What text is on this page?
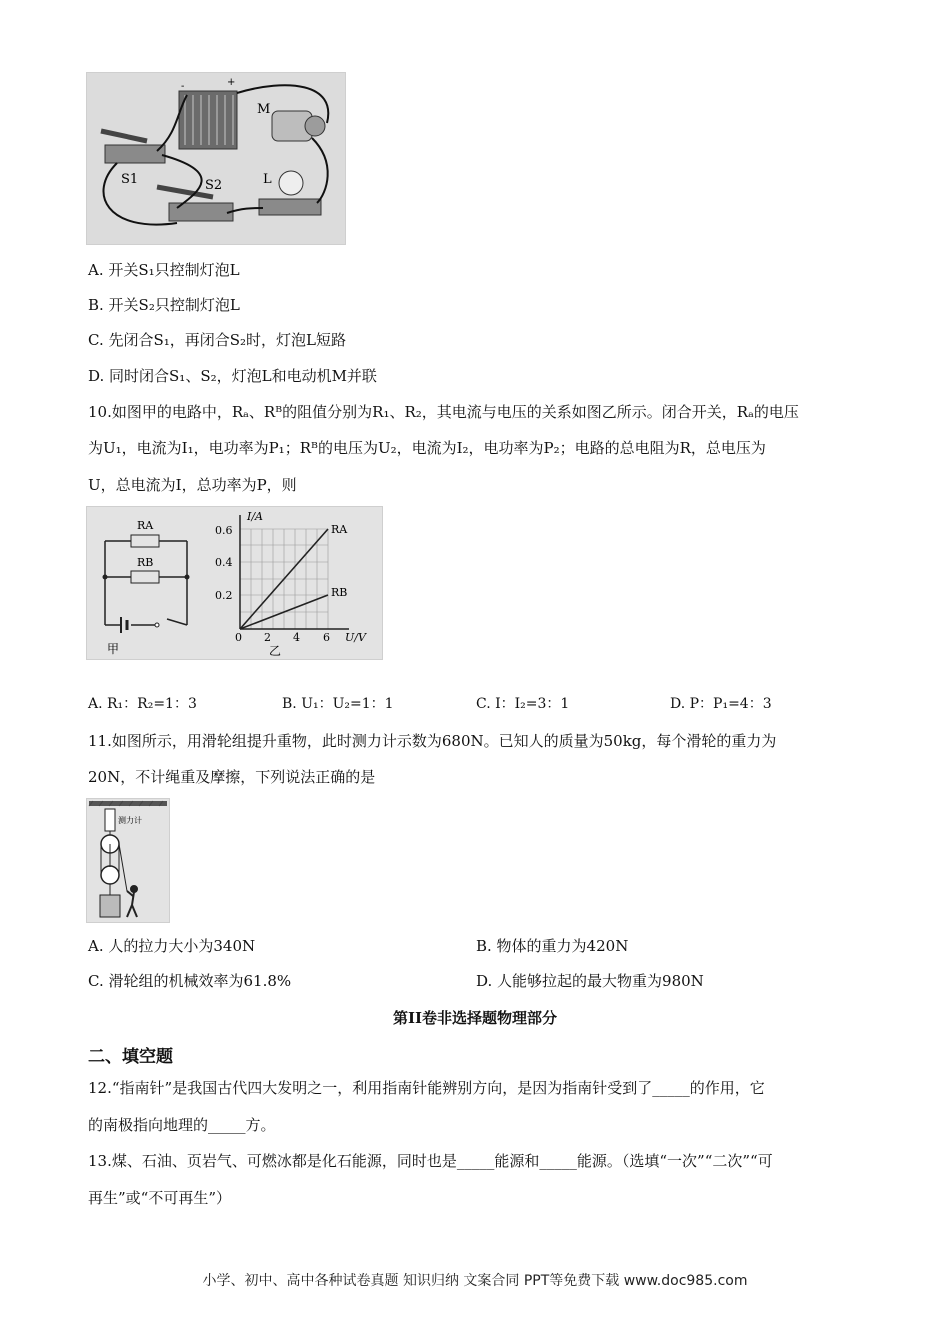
-	+
M
S1	S2	L
A. 开关S₁只控制灯泡L
B. 开关S₂只控制灯泡L
C. 先闭合S₁，再闭合S₂时，灯泡L短路
D. 同时闭合S₁、S₂，灯泡L和电动机M并联
10.如图甲的电路中，Rₐ、Rᴮ的阻值分别为R₁、R₂，其电流与电压的关系如图乙所示。闭合开关，Rₐ的电压
为U₁，电流为I₁，电功率为P₁；Rᴮ的电压为U₂，电流为I₂，电功率为P₂；电路的总电阻为R，总电压为
U，总电流为I，总功率为P，则
RA
RB
甲
I/A
U/V
RA
RB
0.6
0.4
0.2
0 2 4 6
乙
A. R₁：R₂=1：3	B. U₁：U₂=1：1	C. I：I₂=3：1	D. P：P₁=4：3
11.如图所示，用滑轮组提升重物，此时测力计示数为680N。已知人的质量为50kg，每个滑轮的重力为
20N，不计绳重及摩擦，下列说法正确的是
测力计
A. 人的拉力大小为340N	B. 物体的重力为420N
C. 滑轮组的机械效率为61.8%	D. 人能够拉起的最大物重为980N
第II卷非选择题物理部分
二、填空题
12.“指南针”是我国古代四大发明之一，利用指南针能辨别方向，是因为指南针受到了_____的作用，它
的南极指向地理的_____方。
13.煤、石油、页岩气、可燃冰都是化石能源，同时也是_____能源和_____能源。（选填“一次”“二次”“可
再生”或“不可再生”）
小学、初中、高中各种试卷真题 知识归纳 文案合同 PPT等免费下载 www.doc985.com
